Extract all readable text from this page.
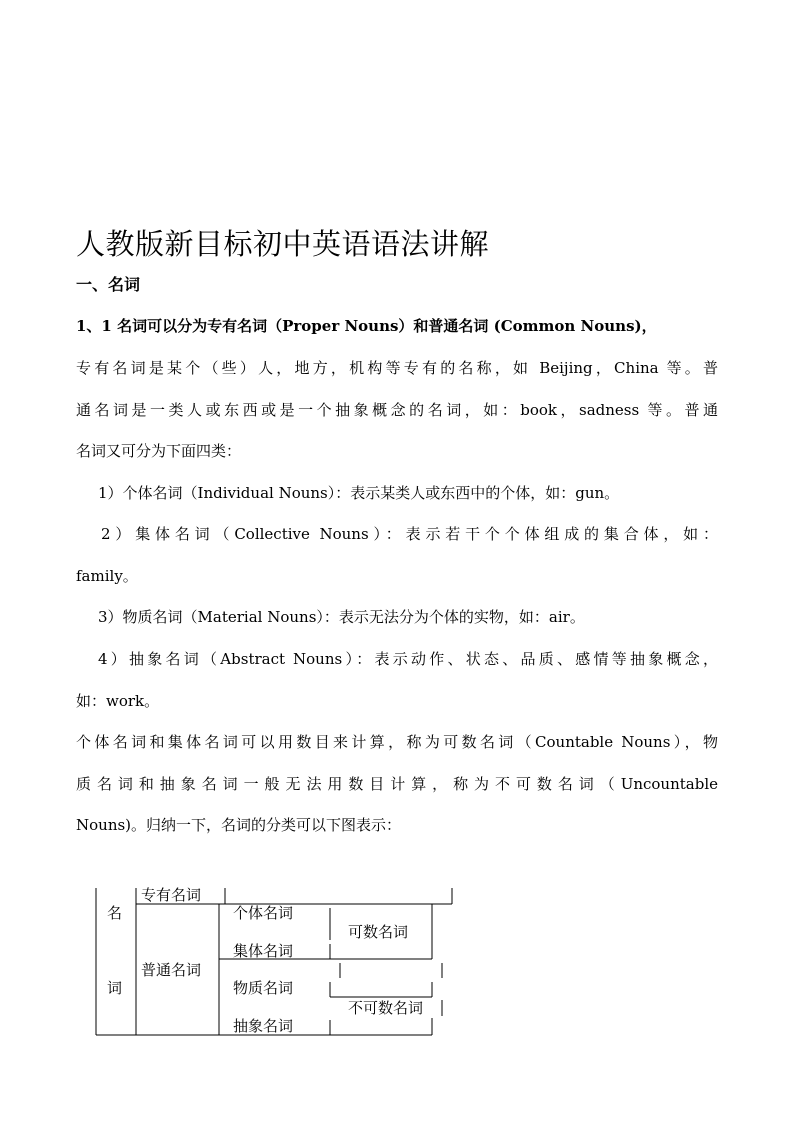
人教版新目标初中英语语法讲解
一、名词
1、1 名词可以分为专有名词（Proper Nouns）和普通名词 (Common Nouns)，
专有名词是某个（些）人，地方，机构等专有的名称，如 Beijing，China 等。普
通名词是一类人或东西或是一个抽象概念的名词，如：book，sadness 等。普通
名词又可分为下面四类：
1）个体名词（Individual Nouns）：表示某类人或东西中的个体，如：gun。
2）集体名词（Collective Nouns）：表示若干个个体组成的集合体，如：
family。
3）物质名词（Material Nouns）：表示无法分为个体的实物，如：air。
4）抽象名词（Abstract Nouns）：表示动作、状态、品质、感情等抽象概念，
如：work。
个体名词和集体名词可以用数目来计算，称为可数名词（Countable Nouns），物
质名词和抽象名词一般无法用数目计算，称为不可数名词（Uncountable
Nouns)。归纳一下，名词的分类可以下图表示：
名
词
专有名词
普通名词
个体名词
集体名词
物质名词
抽象名词
可数名词
不可数名词
